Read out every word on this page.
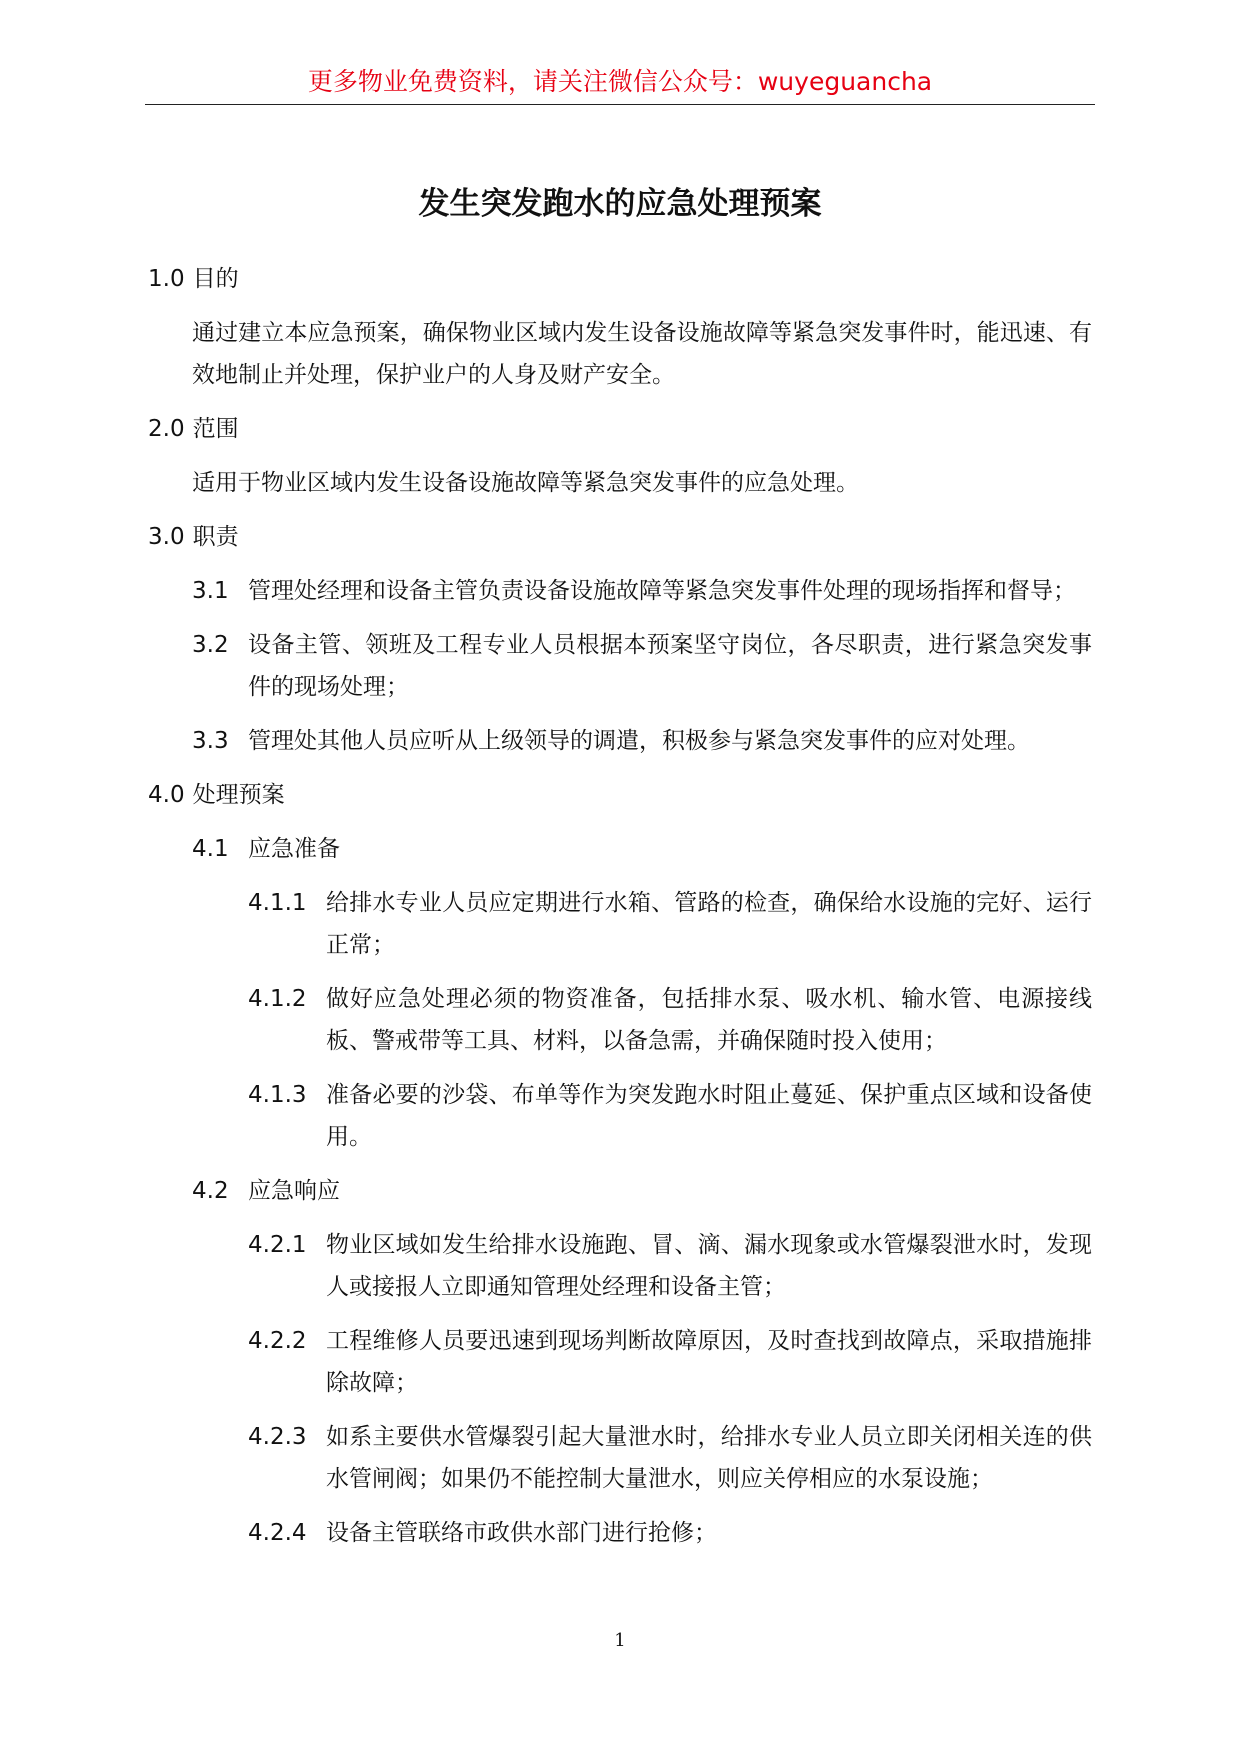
更多物业免费资料，请关注微信公众号：wuyeguancha
发生突发跑水的应急处理预案
1.0 目的
通过建立本应急预案，确保物业区域内发生设备设施故障等紧急突发事件时，能迅速、有效地制止并处理，保护业户的人身及财产安全。
2.0 范围
适用于物业区域内发生设备设施故障等紧急突发事件的应急处理。
3.0 职责
3.1 管理处经理和设备主管负责设备设施故障等紧急突发事件处理的现场指挥和督导；
3.2 设备主管、领班及工程专业人员根据本预案坚守岗位，各尽职责，进行紧急突发事件的现场处理；
3.3 管理处其他人员应听从上级领导的调遣，积极参与紧急突发事件的应对处理。
4.0 处理预案
4.1 应急准备
4.1.1 给排水专业人员应定期进行水箱、管路的检查，确保给水设施的完好、运行正常；
4.1.2 做好应急处理必须的物资准备，包括排水泵、吸水机、输水管、电源接线板、警戒带等工具、材料，以备急需，并确保随时投入使用；
4.1.3 准备必要的沙袋、布单等作为突发跑水时阻止蔓延、保护重点区域和设备使用。
4.2 应急响应
4.2.1 物业区域如发生给排水设施跑、冒、滴、漏水现象或水管爆裂泄水时，发现人或接报人立即通知管理处经理和设备主管；
4.2.2 工程维修人员要迅速到现场判断故障原因，及时查找到故障点，采取措施排除故障；
4.2.3 如系主要供水管爆裂引起大量泄水时，给排水专业人员立即关闭相关连的供水管闸阀；如果仍不能控制大量泄水，则应关停相应的水泵设施；
4.2.4 设备主管联络市政供水部门进行抢修；
1
